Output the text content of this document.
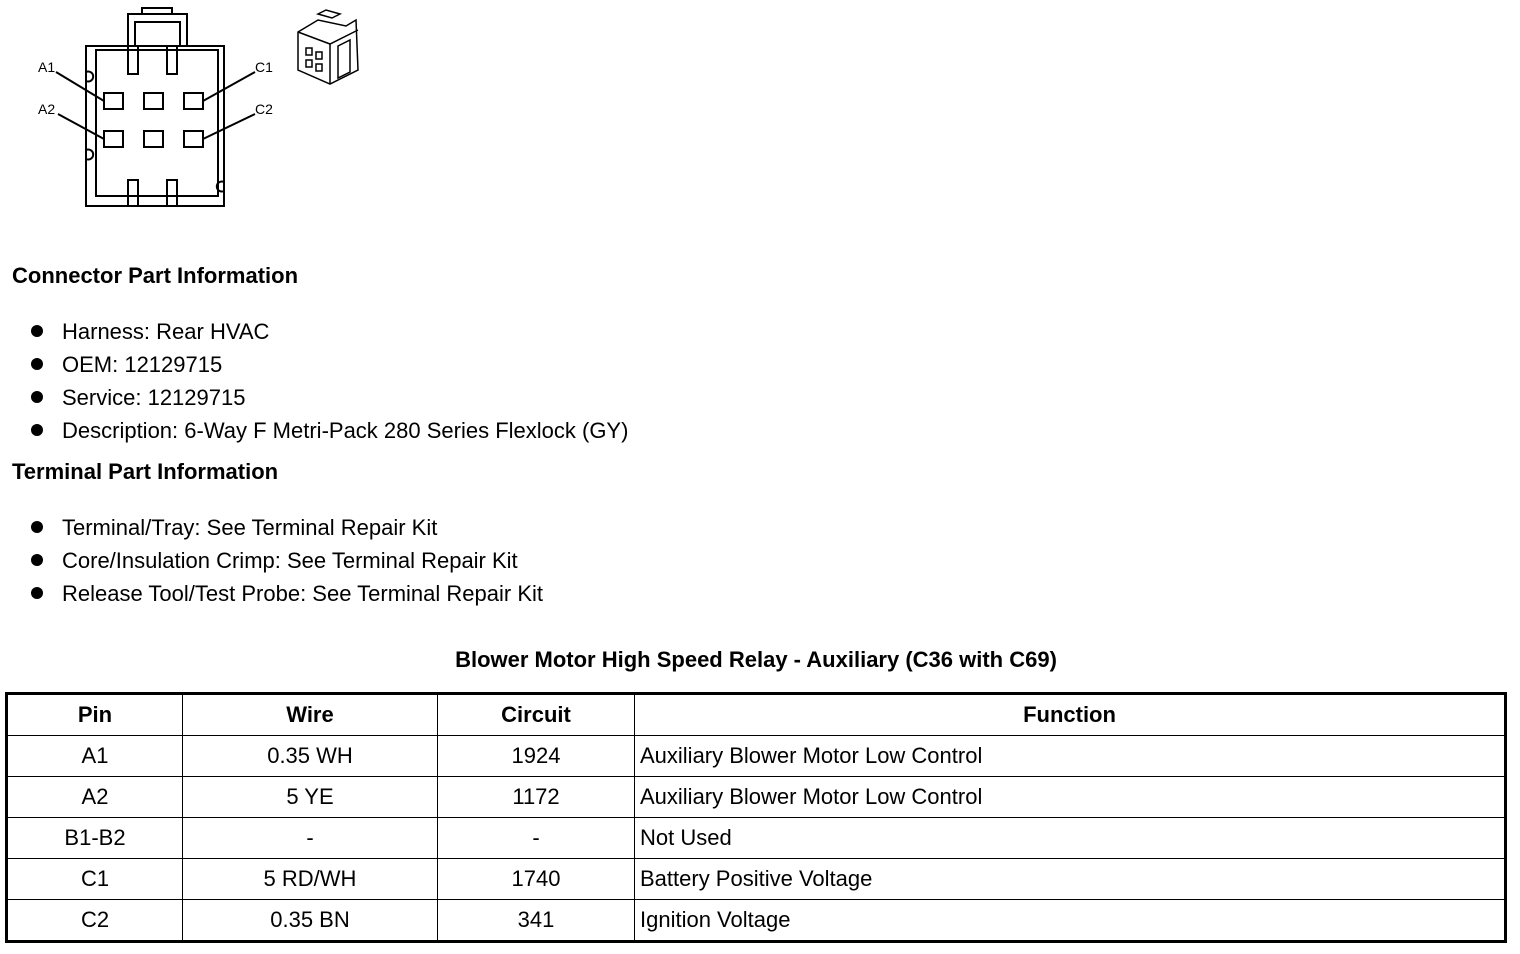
A1
A2
C1
C2
Connector Part Information
Harness: Rear HVAC
OEM: 12129715
Service: 12129715
Description: 6-Way F Metri-Pack 280 Series Flexlock (GY)
Terminal Part Information
Terminal/Tray: See Terminal Repair Kit
Core/Insulation Crimp: See Terminal Repair Kit
Release Tool/Test Probe: See Terminal Repair Kit
Blower Motor High Speed Relay - Auxiliary (C36 with C69)
Pin	Wire	Circuit	Function
A1	0.35 WH	1924	Auxiliary Blower Motor Low Control
A2	5 YE	1172	Auxiliary Blower Motor Low Control
B1-B2	-	-	Not Used
C1	5 RD/WH	1740	Battery Positive Voltage
C2	0.35 BN	341	Ignition Voltage
